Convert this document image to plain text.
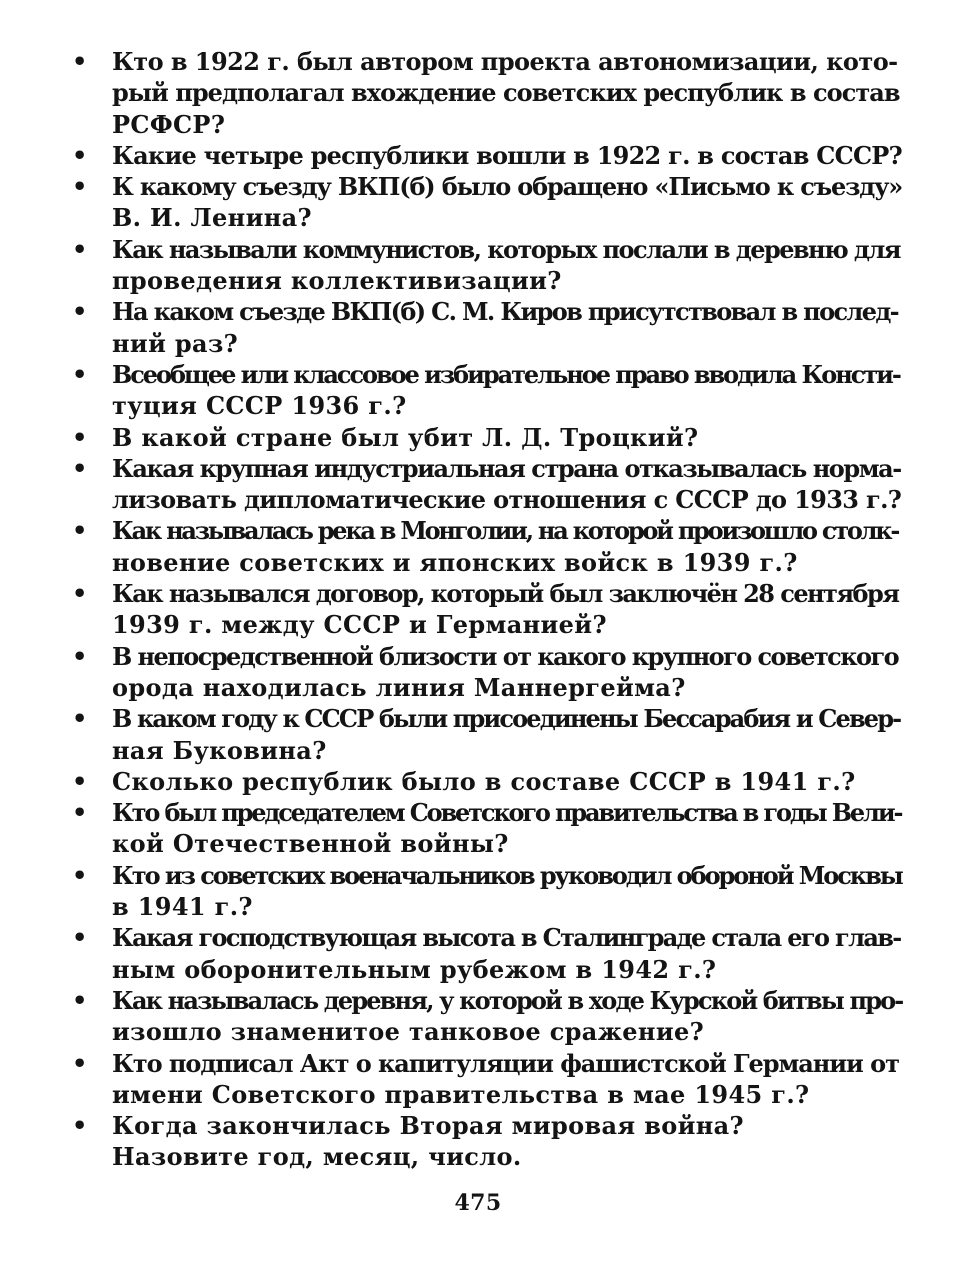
• Кто в 1922 г. был автором проекта автономизации, кото-
рый предполагал вхождение советских республик в состав
РСФСР?
• Какие четыре республики вошли в 1922 г. в состав СССР?
• К какому съезду ВКП(б) было обращено «Письмо к съезду»
В. И. Ленина?
• Как называли коммунистов, которых послали в деревню для
проведения коллективизации?
• На каком съезде ВКП(б) С. М. Киров присутствовал в послед-
ний раз?
• Всеобщее или классовое избирательное право вводила Консти-
туция СССР 1936 г.?
• В какой стране был убит Л. Д. Троцкий?
• Какая крупная индустриальная страна отказывалась норма-
лизовать дипломатические отношения с СССР до 1933 г.?
• Как называлась река в Монголии, на которой произошло столк-
новение советских и японских войск в 1939 г.?
• Как назывался договор, который был заключён 28 сентября
1939 г. между СССР и Германией?
• В непосредственной близости от какого крупного советского
орода находилась линия Маннергейма?
• В каком году к СССР были присоединены Бессарабия и Север-
ная Буковина?
• Сколько республик было в составе СССР в 1941 г.?
• Кто был председателем Советского правительства в годы Вели-
кой Отечественной войны?
• Кто из советских военачальников руководил обороной Москвы
в 1941 г.?
• Какая господствующая высота в Сталинграде стала его глав-
ным оборонительным рубежом в 1942 г.?
• Как называлась деревня, у которой в ходе Курской битвы про-
изошло знаменитое танковое сражение?
• Кто подписал Акт о капитуляции фашистской Германии от
имени Советского правительства в мае 1945 г.?
• Когда закончилась Вторая мировая война?
Назовите год, месяц, число.
475
